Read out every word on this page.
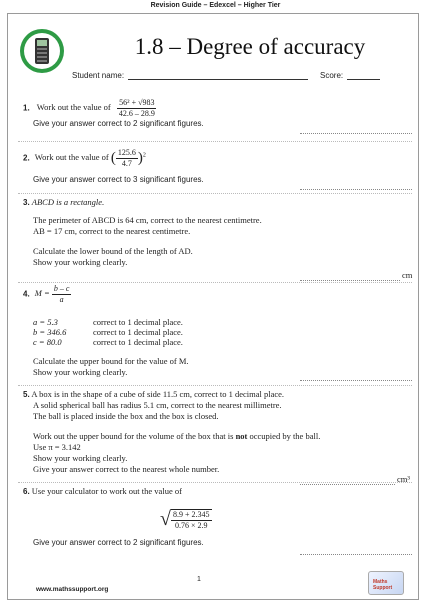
Revision Guide – Edexcel – Higher Tier
1.8 – Degree of accuracy
Student name:	Score:
1. Work out the value of $\frac{\text{56² + √983}}{42.6 - 28.9}$
Give your answer correct to 2 significant figures.
2. Work out the value of ( $\frac{125.6}{4.7} )^2$
Give your answer correct to 3 significant figures.
3. ABCD is a rectangle.
The perimeter of ABCD is 64 cm, correct to the nearest centimetre.
AB = 17 cm, correct to the nearest centimetre.
Calculate the lower bound of the length of AD.
Show your working clearly.
cm
4. $M = \frac{b - c}{a}$
a = 5.3	correct to 1 decimal place.
b = 346.6	correct to 1 decimal place.
c = 80.0	correct to 1 decimal place.
Calculate the upper bound for the value of M.
Show your working clearly.
5. A box is in the shape of a cube of side 11.5 cm, correct to 1 decimal place.
A solid spherical ball has radius 5.1 cm, correct to the nearest millimetre.
The ball is placed inside the box and the box is closed.
Work out the upper bound for the volume of the box that is not occupied by the ball.
Use π = 3.142
Show your working clearly.
Give your answer correct to the nearest whole number.
cm³
6. Use your calculator to work out the value of
√ $\frac{8.9 + 2.345}{0.76 \times 2.9}$
Give your answer correct to 2 significant figures.
1
www.mathssupport.org
Maths Support
